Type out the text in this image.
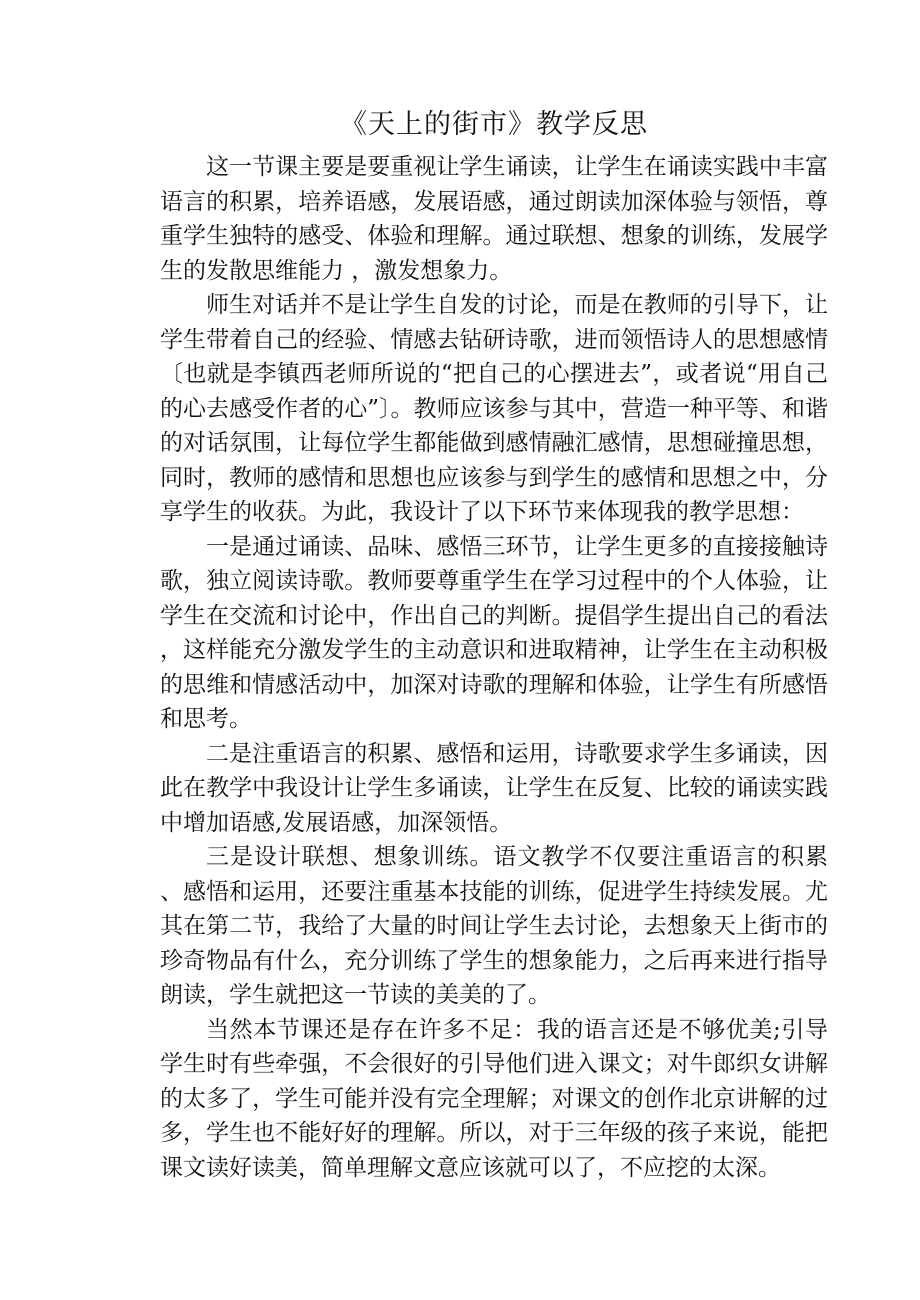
《天上的街市》教学反思

这一节课主要是要重视让学生诵读，让学生在诵读实践中丰富语言的积累，培养语感，发展语感，通过朗读加深体验与领悟，尊重学生独特的感受、体验和理解。通过联想、想象的训练，发展学生的发散思维能力 ，激发想象力。

师生对话并不是让学生自发的讨论，而是在教师的引导下，让学生带着自己的经验、情感去钻研诗歌，进而领悟诗人的思想感情〔也就是李镇西老师所说的“把自己的心摆进去”，或者说“用自己的心去感受作者的心”〕。教师应该参与其中，营造一种平等、和谐的对话氛围，让每位学生都能做到感情融汇感情，思想碰撞思想，同时，教师的感情和思想也应该参与到学生的感情和思想之中，分享学生的收获。为此，我设计了以下环节来体现我的教学思想：

一是通过诵读、品味、感悟三环节，让学生更多的直接接触诗歌，独立阅读诗歌。教师要尊重学生在学习过程中的个人体验，让学生在交流和讨论中，作出自己的判断。提倡学生提出自己的看法，这样能充分激发学生的主动意识和进取精神，让学生在主动积极的思维和情感活动中，加深对诗歌的理解和体验，让学生有所感悟和思考。

二是注重语言的积累、感悟和运用，诗歌要求学生多诵读，因此在教学中我设计让学生多诵读，让学生在反复、比较的诵读实践中增加语感,发展语感，加深领悟。

三是设计联想、想象训练。语文教学不仅要注重语言的积累 、感悟和运用，还要注重基本技能的训练，促进学生持续发展。尤其在第二节，我给了大量的时间让学生去讨论，去想象天上街市的珍奇物品有什么，充分训练了学生的想象能力，之后再来进行指导朗读，学生就把这一节读的美美的了。

当然本节课还是存在许多不足：我的语言还是不够优美;引导学生时有些牵强，不会很好的引导他们进入课文；对牛郎织女讲解的太多了，学生可能并没有完全理解；对课文的创作北京讲解的过多，学生也不能好好的理解。所以，对于三年级的孩子来说，能把课文读好读美，简单理解文意应该就可以了，不应挖的太深。
